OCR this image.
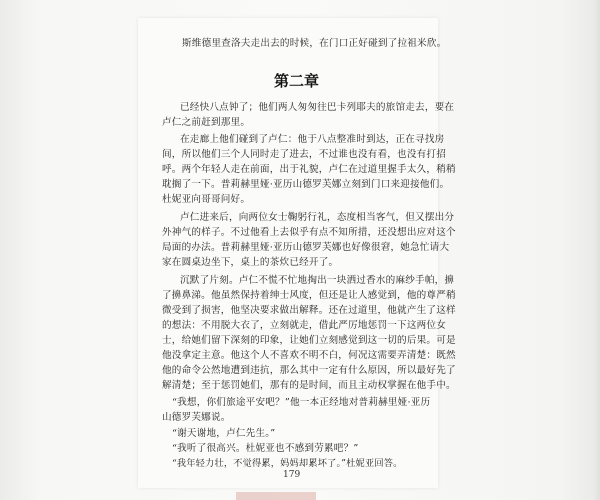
斯维德里查洛夫走出去的时候，在门口正好碰到了拉祖米欣。
第二章
已经快八点钟了；他们两人匆匆往巴卡列耶夫的旅馆走去，要在
卢仁之前赶到那里。
在走廊上他们碰到了卢仁：他于八点整准时到达，正在寻找房
间，所以他们三个人同时走了进去，不过谁也没有看，也没有打招
呼。两个年轻人走在前面，出于礼貌，卢仁在过道里握手太久，稍稍
耽搁了一下。普莉赫里娅·亚历山德罗芙娜立刻到门口来迎接他们。
杜妮亚向哥哥问好。
卢仁进来后，向两位女士鞠躬行礼，态度相当客气，但又摆出分
外神气的样子。不过他看上去似乎有点不知所措，还没想出应对这个
局面的办法。普莉赫里娅·亚历山德罗芙娜也好像很窘，她急忙请大
家在圆桌边坐下，桌上的茶炊已经开了。
沉默了片刻。卢仁不慌不忙地掏出一块洒过香水的麻纱手帕，擤
了擤鼻涕。他虽然保持着绅士风度，但还是让人感觉到，他的尊严稍
微受到了损害，他坚决要求做出解释。还在过道里，他就产生了这样
的想法：不用脱大衣了，立刻就走，借此严厉地惩罚一下这两位女
士，给她们留下深刻的印象，让她们立刻感觉到这一切的后果。可是
他没拿定主意。他这个人不喜欢不明不白，何况这需要弄清楚：既然
他的命令公然地遭到违抗，那么其中一定有什么原因，所以最好先了
解清楚；至于惩罚她们，那有的是时间，而且主动权掌握在他手中。
“我想，你们旅途平安吧？”他一本正经地对普莉赫里娅·亚历
山德罗芙娜说。
“谢天谢地，卢仁先生。”
“我听了很高兴。杜妮亚也不感到劳累吧？”
“我年轻力壮，不觉得累，妈妈却累坏了。”杜妮亚回答。
179
